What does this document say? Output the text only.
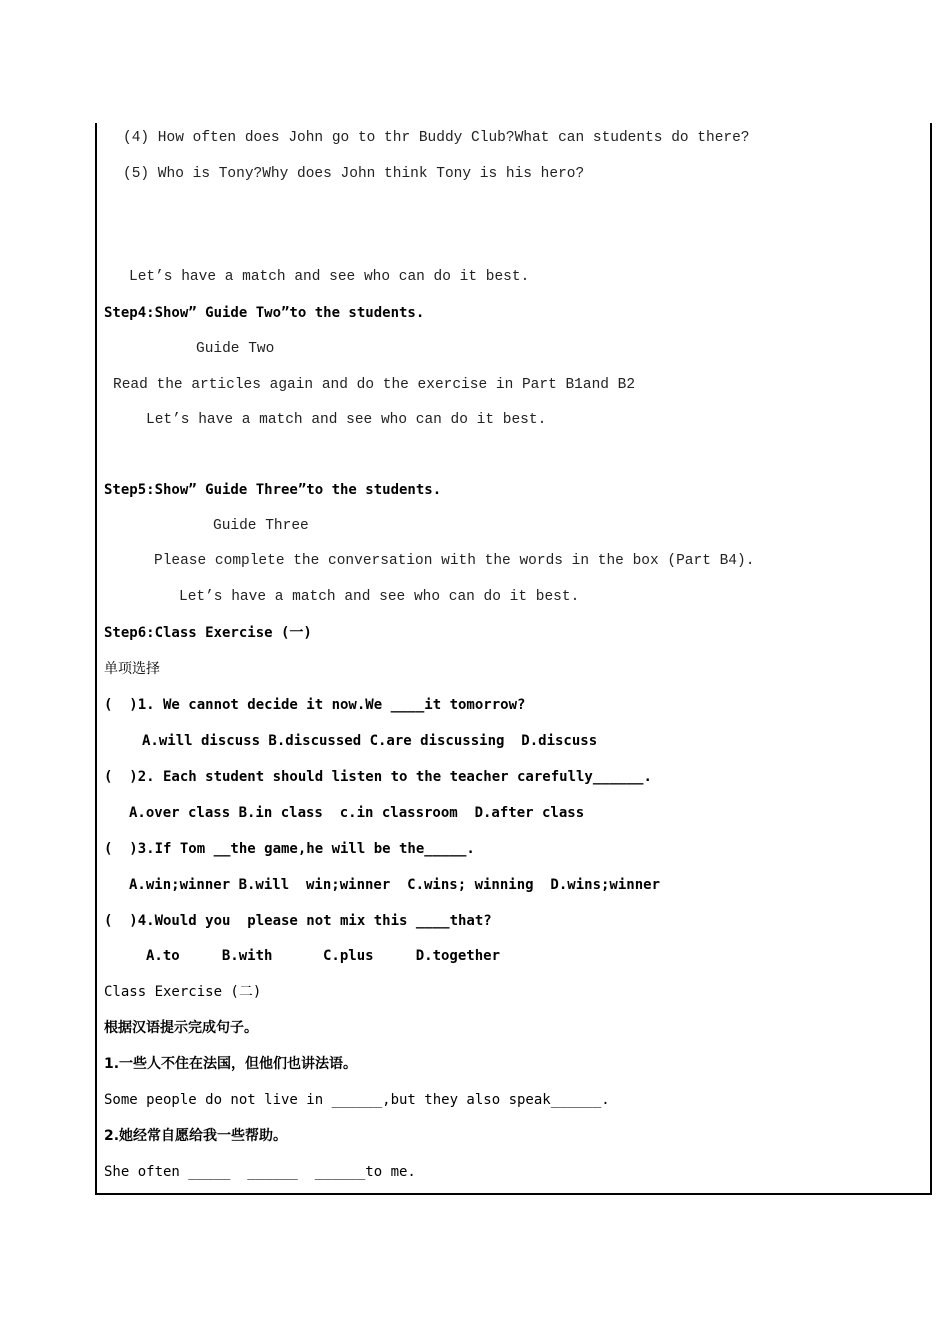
(4) How often does John go to thr Buddy Club?What can students do there?
(5) Who is Tony?Why does John think Tony is his hero?
Let’s have a match and see who can do it best.
Step4:Show” Guide Two”to the students.
Guide Two
Read the articles again and do the exercise in Part B1and B2
Let’s have a match and see who can do it best.
Step5:Show” Guide Three”to the students.
Guide Three
Please complete the conversation with the words in the box (Part B4).
Let’s have a match and see who can do it best.
Step6:Class Exercise (一)
单项选择
(  )1. We cannot decide it now.We ____it tomorrow?
A.will discuss B.discussed C.are discussing  D.discuss
(  )2. Each student should listen to the teacher carefully______.
A.over class B.in class  c.in classroom  D.after class
(  )3.If Tom __the game,he will be the_____.
A.win;winner B.will  win;winner  C.wins; winning  D.wins;winner
(  )4.Would you  please not mix this ____that?
A.to     B.with      C.plus     D.together
Class Exercise (二)
根据汉语提示完成句子。
1.一些人不住在法国，但他们也讲法语。
Some people do not live in ______,but they also speak______.
2.她经常自愿给我一些帮助。
She often _____  ______  ______to me.
